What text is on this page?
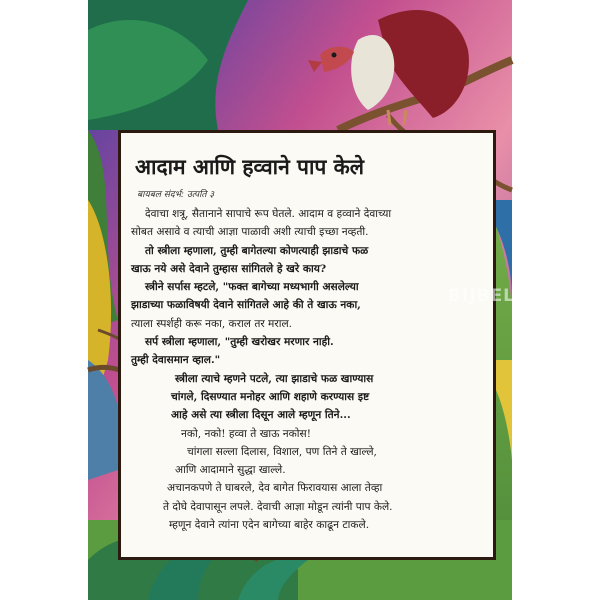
आदाम आणि हव्वाने पाप केले
बायबल संदर्भ: उत्पति ३
देवाचा शत्रू, सैतानाने सापाचे रूप घेतले. आदाम व हव्वाने देवाच्या
सोबत असावे व त्याची आज्ञा पाळावी अशी त्याची इच्छा नव्हती.
तो स्त्रीला म्हणाला, तुम्ही बागेतल्या कोणत्याही झाडाचे फळ
खाऊ नये असे देवाने तुम्हास सांगितले हे खरे काय?
स्त्रीने सर्पास म्हटले, "फक्त बागेच्या मध्यभागी असलेल्या
झाडाच्या फळाविषयी देवाने सांगितले आहे की ते खाऊ नका,
त्याला स्पर्शही करू नका, कराल तर मराल.
सर्प स्त्रीला म्हणाला, "तुम्ही खरोखर मरणार नाही.
तुम्ही देवासमान व्हाल."
स्त्रीला त्याचे म्हणने पटले, त्या झाडाचे फळ खाण्यास
चांगले, दिसण्यात मनोहर आणि शहाणे करण्यास इष्ट
आहे असे त्या स्त्रीला दिसून आले म्हणून तिने...
नको, नको! हव्वा ते खाऊ नकोस!
चांगला सल्ला दिलास, विशाल, पण तिने ते खाल्ले,
आणि आदामाने सुद्धा खाल्ले.
अचानकपणे ते घाबरले, देव बागेत फिरावयास आला तेव्हा
ते दोघे देवापासून लपले. देवाची आज्ञा मोडून त्यांनी पाप केले.
म्हणून देवाने त्यांना एदेन बागेच्या बाहेर काढून टाकले.
BIJBELBOND
